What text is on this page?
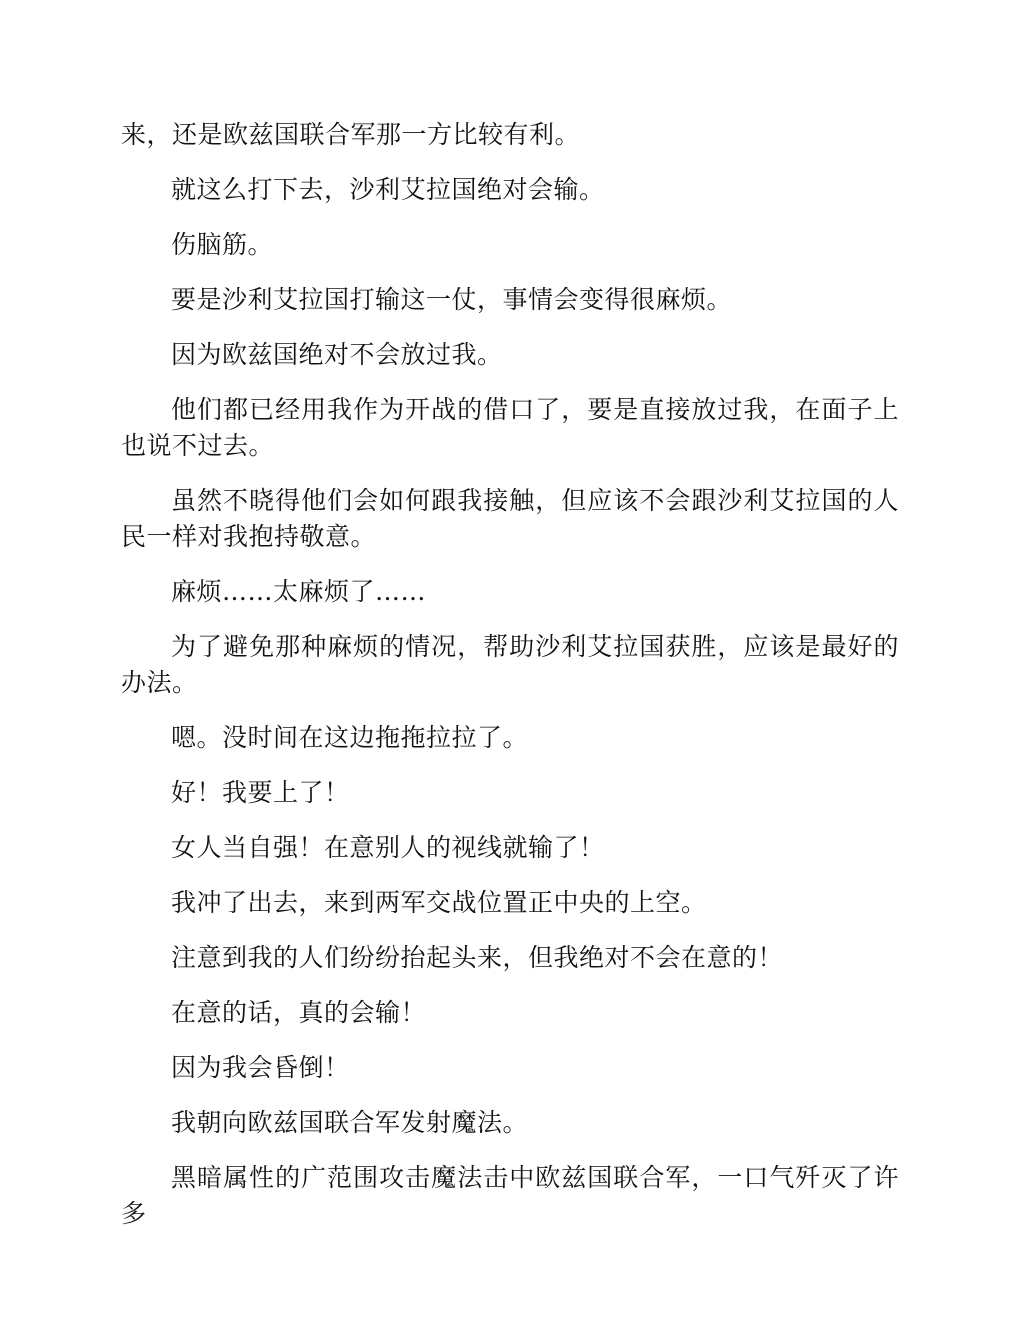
来，还是欧兹国联合军那一方比较有利。

就这么打下去，沙利艾拉国绝对会输。

伤脑筋。

要是沙利艾拉国打输这一仗，事情会变得很麻烦。

因为欧兹国绝对不会放过我。

他们都已经用我作为开战的借口了，要是直接放过我，在面子上也说不过去。

虽然不晓得他们会如何跟我接触，但应该不会跟沙利艾拉国的人民一样对我抱持敬意。

麻烦……太麻烦了……

为了避免那种麻烦的情况，帮助沙利艾拉国获胜，应该是最好的办法。

嗯。没时间在这边拖拖拉拉了。

好！我要上了！

女人当自强！在意别人的视线就输了！

我冲了出去，来到两军交战位置正中央的上空。

注意到我的人们纷纷抬起头来，但我绝对不会在意的！

在意的话，真的会输！

因为我会昏倒！

我朝向欧兹国联合军发射魔法。

黑暗属性的广范围攻击魔法击中欧兹国联合军，一口气歼灭了许多
